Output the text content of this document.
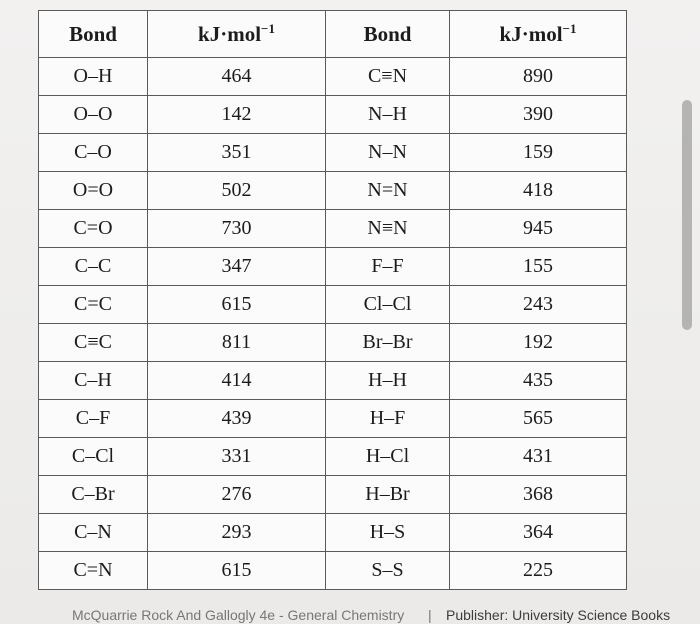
Bond	kJ·mol$^{-1}$	Bond	kJ·mol$^{-1}$
O–H	464	C≡N	890
O–O	142	N–H	390
C–O	351	N–N	159
O=O	502	N=N	418
C=O	730	N≡N	945
C–C	347	F–F	155
C=C	615	Cl–Cl	243
C≡C	811	Br–Br	192
C–H	414	H–H	435
C–F	439	H–F	565
C–Cl	331	H–Cl	431
C–Br	276	H–Br	368
C–N	293	H–S	364
C=N	615	S–S	225
McQuarrie Rock And Gallogly 4e - General Chemistry | Publisher: University Science Books
